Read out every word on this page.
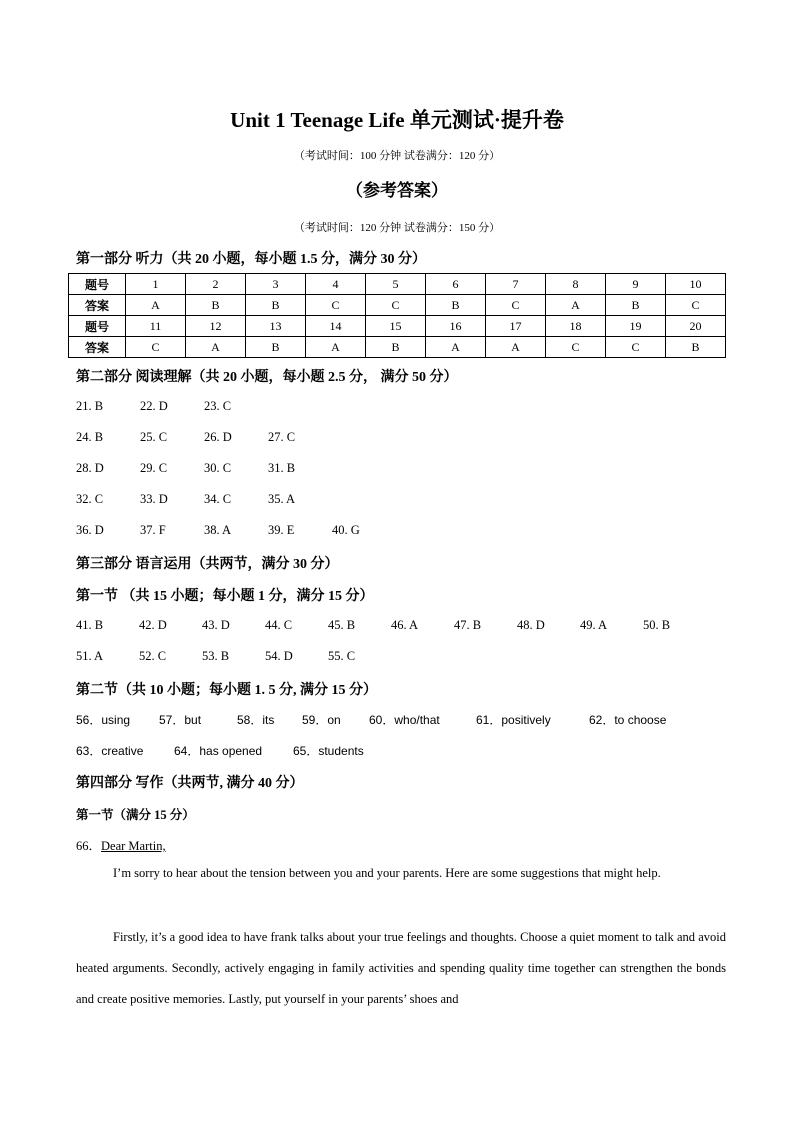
Unit 1 Teenage Life 单元测试·提升卷
（考试时间：100 分钟 试卷满分：120 分）
（参考答案）
（考试时间：120 分钟 试卷满分：150 分）
第一部分 听力（共 20 小题，每小题 1.5 分，满分 30 分）
题号	1	2	3	4	5	6	7	8	9	10
答案	A	B	B	C	C	B	C	A	B	C
题号	11	12	13	14	15	16	17	18	19	20
答案	C	A	B	A	B	A	A	C	C	B
第二部分 阅读理解（共 20 小题，每小题 2.5 分， 满分 50 分）
21. B	22. D	23. C
24. B	25. C	26. D	27. C
28. D	29. C	30. C	31. B
32. C	33. D	34. C	35. A
36. D	37. F	38. A	39. E	40. G
第三部分 语言运用（共两节，满分 30 分）
第一节 （共 15 小题；每小题 1 分，满分 15 分）
41. B	42. D	43. D	44. C	45. B	46. A	47. B	48. D	49. A	50. B
51. A	52. C	53. B	54. D	55. C
第二节（共 10 小题；每小题 1. 5 分, 满分 15 分）
56．using 57．but	58．its 59．on 60．who/that	61．positively	62．to choose
63．creative	64．has opened	65．students
第四部分 写作（共两节, 满分 40 分）
第一节（满分 15 分）
66．Dear Martin,
I’m sorry to hear about the tension between you and your parents. Here are some suggestions that might help.
Firstly, it’s a good idea to have frank talks about your true feelings and thoughts. Choose a quiet moment to talk and avoid heated arguments. Secondly, actively engaging in family activities and spending quality time together can strengthen the bonds and create positive memories. Lastly, put yourself in your parents’ shoes and
